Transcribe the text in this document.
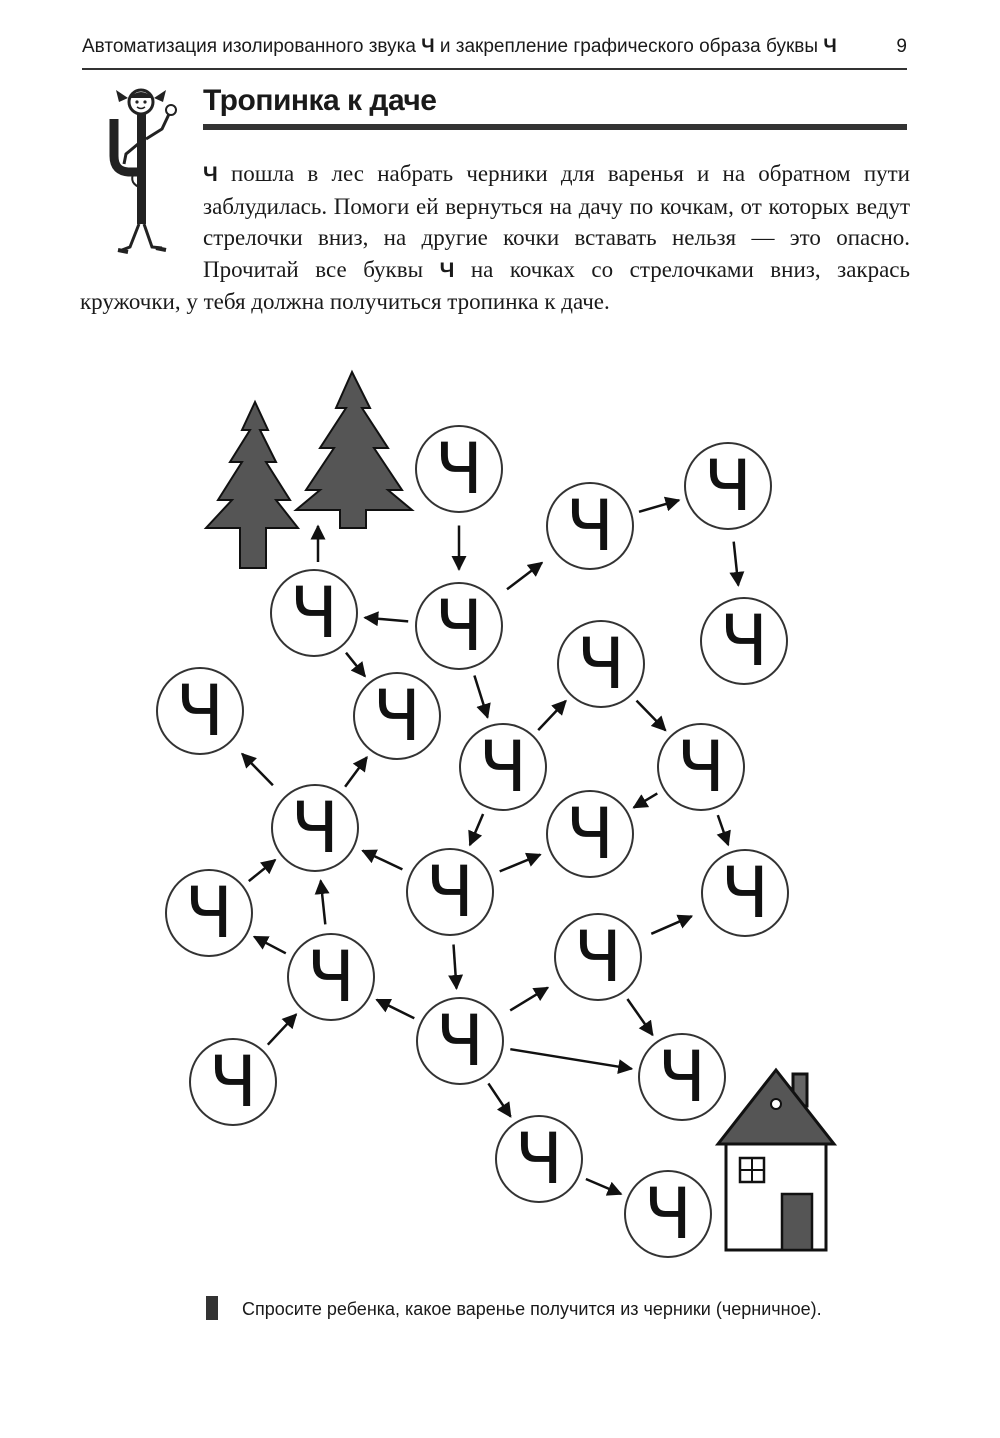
Автоматизация изолированного звука Ч и закрепление графического образа буквы Ч	9
Тропинка к даче
Ч пошла в лес набрать черники для варенья и на обратном пути заблудилась. Помоги ей вернуться на дачу по кочкам, от которых ведут стрелочки вниз, на другие кочки вставать нельзя — это опасно. Прочитай все буквы Ч на кочках со стрелочками вниз, закрась кружочки, у тебя должна получиться тропинка к даче.
Ч
Ч Ч
Ч Ч	Ч
Ч
Ч Ч
Ч Ч
Ч	Ч
Ч
Ч	Ч
Ч
Ч
Ч
Ч	Ч
Ч
Ч
Спросите ребенка, какое варенье получится из черники (черничное).
